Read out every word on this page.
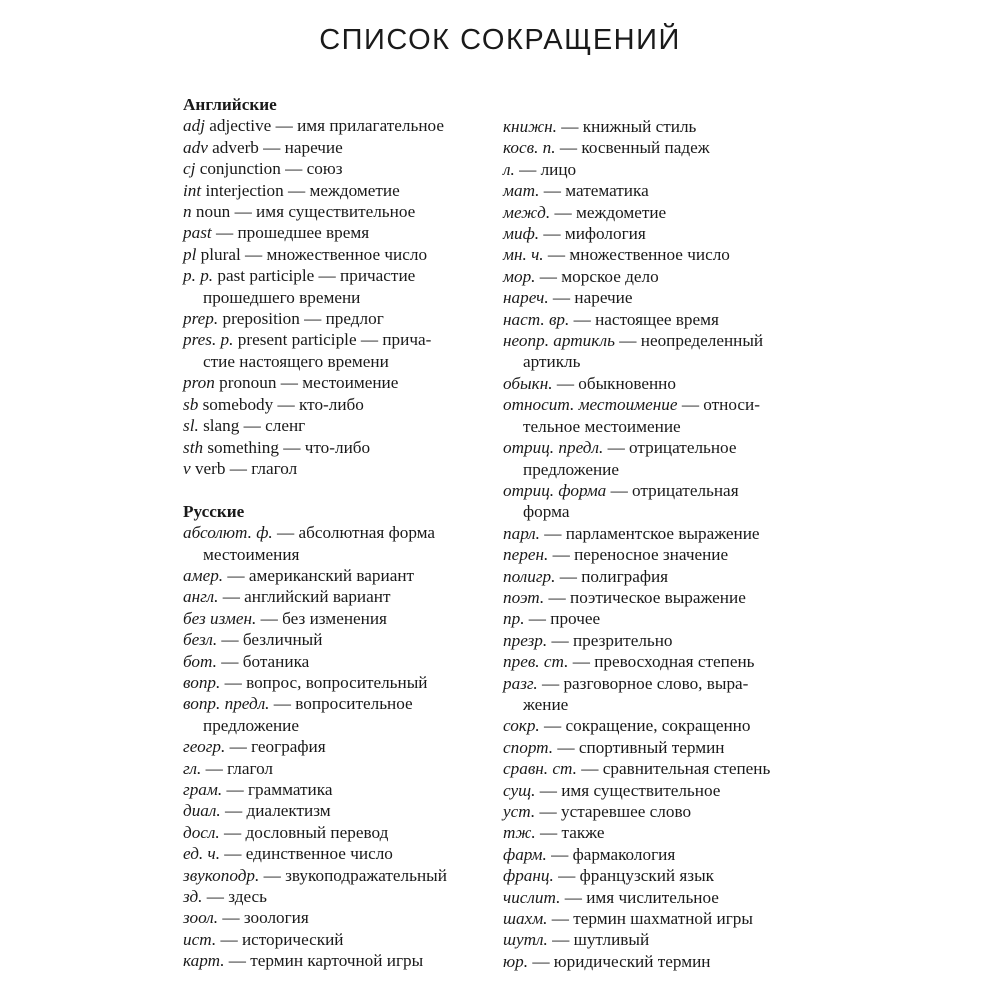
СПИСОК СОКРАЩЕНИЙ
Английские
adj adjective — имя прилагательное
adv adverb — наречие
cj conjunction — союз
int interjection — междометие
n noun — имя существительное
past — прошедшее время
pl plural — множественное число
p. p. past participle — причастие
прошедшего времени
prep. preposition — предлог
pres. p. present participle — прича-
стие настоящего времени
pron pronoun — местоимение
sb somebody — кто-либо
sl. slang — сленг
sth something — что-либо
v verb — глагол
Русские
абсолют. ф. — абсолютная форма
местоимения
амер. — американский вариант
англ. — английский вариант
без измен. — без изменения
безл. — безличный
бот. — ботаника
вопр. — вопрос, вопросительный
вопр. предл. — вопросительное
предложение
геогр. — география
гл. — глагол
грам. — грамматика
диал. — диалектизм
досл. — дословный перевод
ед. ч. — единственное число
звукоподр. — звукоподражательный
зд. — здесь
зоол. — зоология
ист. — исторический
карт. — термин карточной игры
книжн. — книжный стиль
косв. п. — косвенный падеж
л. — лицо
мат. — математика
межд. — междометие
миф. — мифология
мн. ч. — множественное число
мор. — морское дело
нареч. — наречие
наст. вр. — настоящее время
неопр. артикль — неопределенный
артикль
обыкн. — обыкновенно
относит. местоимение — относи-
тельное местоимение
отриц. предл. — отрицательное
предложение
отриц. форма — отрицательная
форма
парл. — парламентское выражение
перен. — переносное значение
полигр. — полиграфия
поэт. — поэтическое выражение
пр. — прочее
презр. — презрительно
прев. ст. — превосходная степень
разг. — разговорное слово, выра-
жение
сокр. — сокращение, сокращенно
спорт. — спортивный термин
сравн. ст. — сравнительная степень
сущ. — имя существительное
уст. — устаревшее слово
тж. — также
фарм. — фармакология
франц. — французский язык
числит. — имя числительное
шахм. — термин шахматной игры
шутл. — шутливый
юр. — юридический термин
